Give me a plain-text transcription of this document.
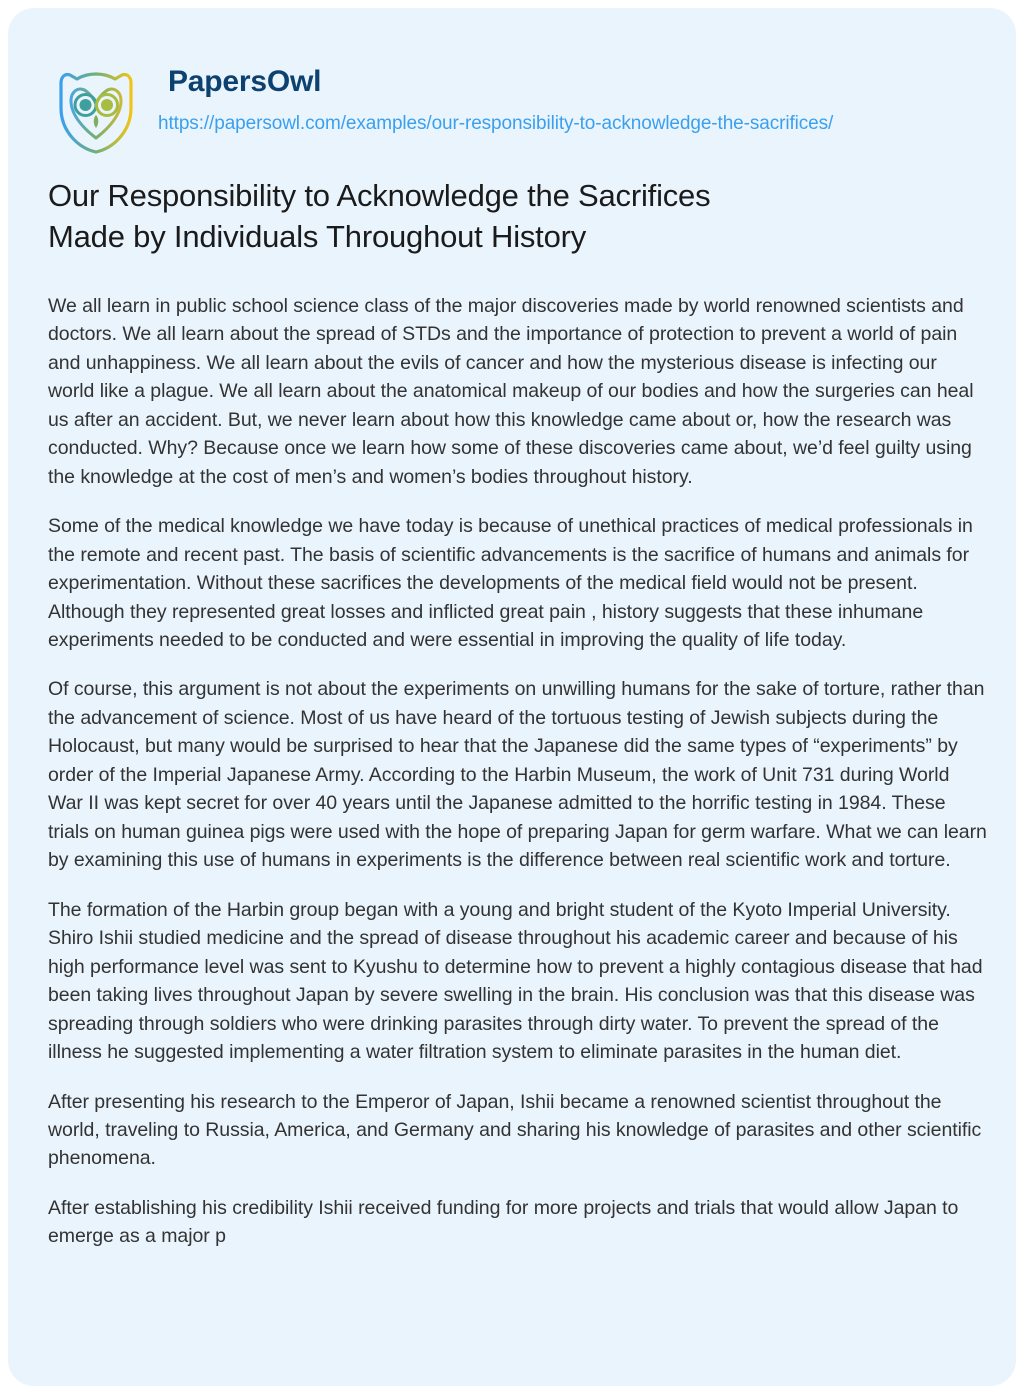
PapersOwl
https://papersowl.com/examples/our-responsibility-to-acknowledge-the-sacrifices/
Our Responsibility to Acknowledge the Sacrifices
Made by Individuals Throughout History

We all learn in public school science class of the major discoveries made by world renowned scientists and doctors. We all learn about the spread of STDs and the importance of protection to prevent a world of pain and unhappiness. We all learn about the evils of cancer and how the mysterious disease is infecting our world like a plague. We all learn about the anatomical makeup of our bodies and how the surgeries can heal us after an accident. But, we never learn about how this knowledge came about or, how the research was conducted. Why? Because once we learn how some of these discoveries came about, we’d feel guilty using the knowledge at the cost of men’s and women’s bodies throughout history.

Some of the medical knowledge we have today is because of unethical practices of medical professionals in the remote and recent past. The basis of scientific advancements is the sacrifice of humans and animals for experimentation. Without these sacrifices the developments of the medical field would not be present. Although they represented great losses and inflicted great pain , history suggests that these inhumane experiments needed to be conducted and were essential in improving the quality of life today.

Of course, this argument is not about the experiments on unwilling humans for the sake of torture, rather than the advancement of science. Most of us have heard of the tortuous testing of Jewish subjects during the Holocaust, but many would be surprised to hear that the Japanese did the same types of “experiments” by order of the Imperial Japanese Army. According to the Harbin Museum, the work of Unit 731 during World War II was kept secret for over 40 years until the Japanese admitted to the horrific testing in 1984. These trials on human guinea pigs were used with the hope of preparing Japan for germ warfare. What we can learn by examining this use of humans in experiments is the difference between real scientific work and torture.

The formation of the Harbin group began with a young and bright student of the Kyoto Imperial University. Shiro Ishii studied medicine and the spread of disease throughout his academic career and because of his high performance level was sent to Kyushu to determine how to prevent a highly contagious disease that had been taking lives throughout Japan by severe swelling in the brain. His conclusion was that this disease was spreading through soldiers who were drinking parasites through dirty water. To prevent the spread of the illness he suggested implementing a water filtration system to eliminate parasites in the human diet.

After presenting his research to the Emperor of Japan, Ishii became a renowned scientist throughout the world, traveling to Russia, America, and Germany and sharing his knowledge of parasites and other scientific phenomena.

After establishing his credibility Ishii received funding for more projects and trials that would allow Japan to emerge as a major p
